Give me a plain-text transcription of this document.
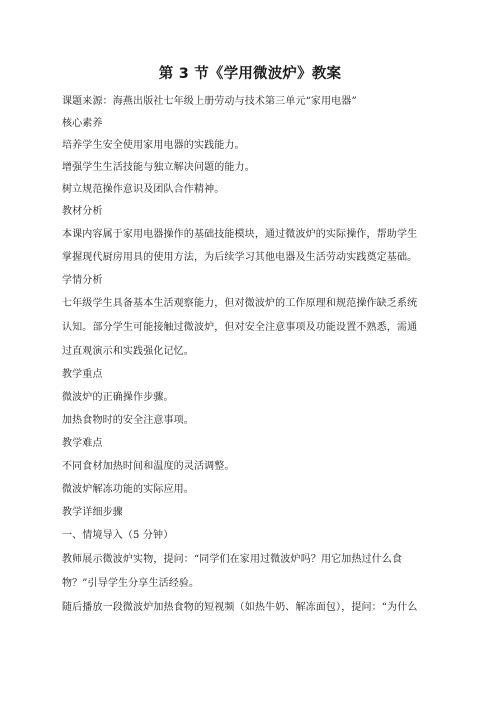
第 3 节《学用微波炉》教案
课题来源：海燕出版社七年级上册劳动与技术第三单元“家用电器”
核心素养
培养学生安全使用家用电器的实践能力。
增强学生生活技能与独立解决问题的能力。
树立规范操作意识及团队合作精神。
教材分析
本课内容属于家用电器操作的基础技能模块，通过微波炉的实际操作，帮助学生
掌握现代厨房用具的使用方法，为后续学习其他电器及生活劳动实践奠定基础。
学情分析
七年级学生具备基本生活观察能力，但对微波炉的工作原理和规范操作缺乏系统
认知。部分学生可能接触过微波炉，但对安全注意事项及功能设置不熟悉，需通
过直观演示和实践强化记忆。
教学重点
微波炉的正确操作步骤。
加热食物时的安全注意事项。
教学难点
不同食材加热时间和温度的灵活调整。
微波炉解冻功能的实际应用。
教学详细步骤
一、情境导入（5 分钟）
教师展示微波炉实物，提问：“同学们在家用过微波炉吗？用它加热过什么食
物？”引导学生分享生活经验。
随后播放一段微波炉加热食物的短视频（如热牛奶、解冻面包），提问：“为什么
